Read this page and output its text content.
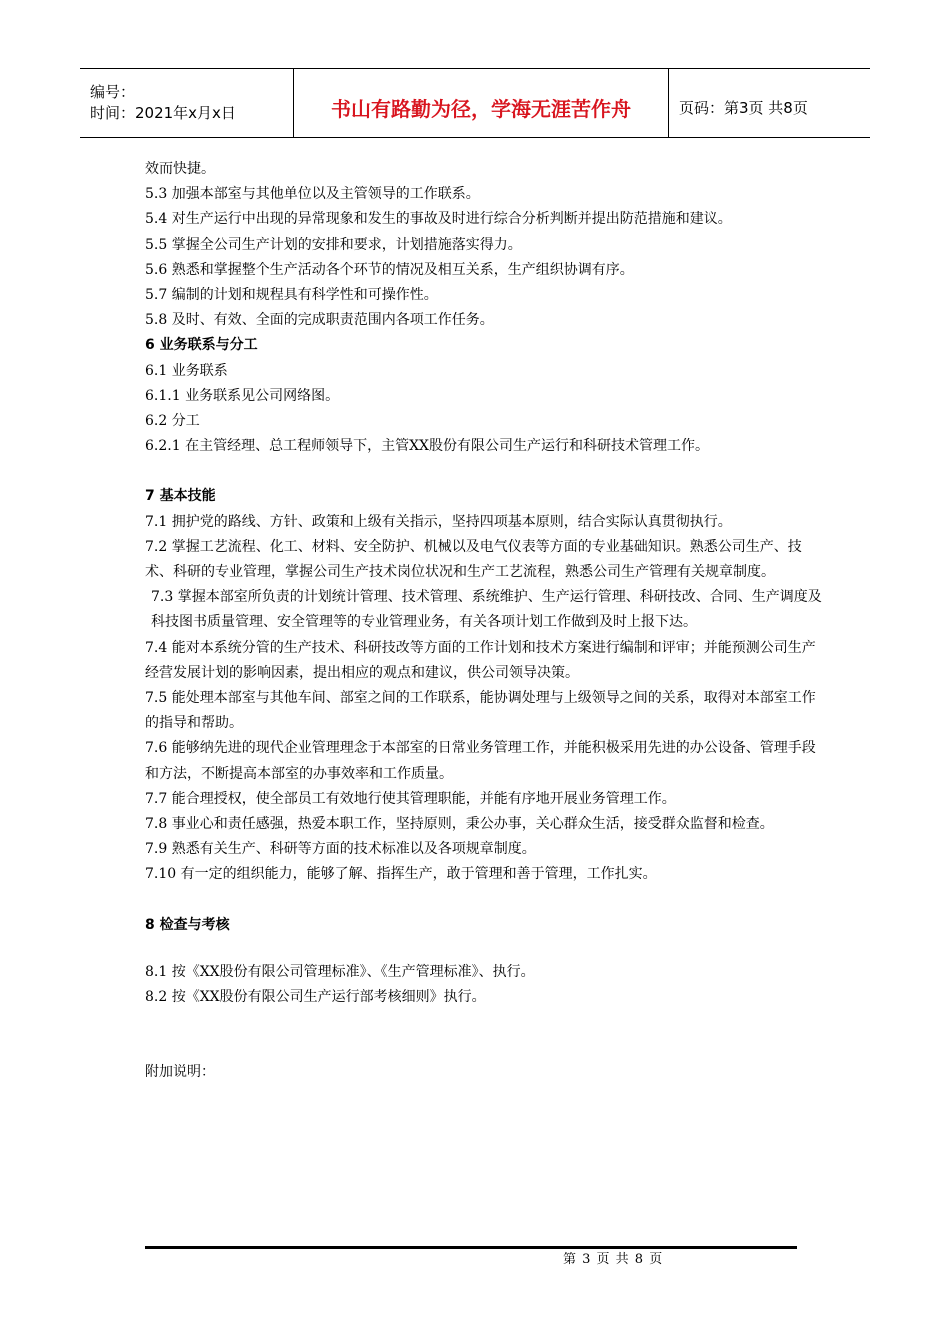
编号：
时间：2021年x月x日	书山有路勤为径，学海无涯苦作舟	页码：第3页 共8页

效而快捷。

5.3 加强本部室与其他单位以及主管领导的工作联系。

5.4 对生产运行中出现的异常现象和发生的事故及时进行综合分析判断并提出防范措施和建议。

5.5 掌握全公司生产计划的安排和要求，计划措施落实得力。

5.6 熟悉和掌握整个生产活动各个环节的情况及相互关系，生产组织协调有序。

5.7 编制的计划和规程具有科学性和可操作性。

5.8 及时、有效、全面的完成职责范围内各项工作任务。

6 业务联系与分工

6.1 业务联系

6.1.1 业务联系见公司网络图。

6.2 分工

6.2.1 在主管经理、总工程师领导下，主管XX股份有限公司生产运行和科研技术管理工作。

7 基本技能

7.1 拥护党的路线、方针、政策和上级有关指示，坚持四项基本原则，结合实际认真贯彻执行。

7.2 掌握工艺流程、化工、材料、安全防护、机械以及电气仪表等方面的专业基础知识。熟悉公司生产、技术、科研的专业管理，掌握公司生产技术岗位状况和生产工艺流程，熟悉公司生产管理有关规章制度。

7.3 掌握本部室所负责的计划统计管理、技术管理、系统维护、生产运行管理、科研技改、合同、生产调度及科技图书质量管理、安全管理等的专业管理业务，有关各项计划工作做到及时上报下达。

7.4 能对本系统分管的生产技术、科研技改等方面的工作计划和技术方案进行编制和评审；并能预测公司生产经营发展计划的影响因素，提出相应的观点和建议，供公司领导决策。

7.5 能处理本部室与其他车间、部室之间的工作联系，能协调处理与上级领导之间的关系，取得对本部室工作的指导和帮助。

7.6 能够纳先进的现代企业管理理念于本部室的日常业务管理工作，并能积极采用先进的办公设备、管理手段和方法，不断提高本部室的办事效率和工作质量。

7.7 能合理授权，使全部员工有效地行使其管理职能，并能有序地开展业务管理工作。

7.8 事业心和责任感强，热爱本职工作，坚持原则，秉公办事，关心群众生活，接受群众监督和检查。

7.9 熟悉有关生产、科研等方面的技术标准以及各项规章制度。

7.10 有一定的组织能力，能够了解、指挥生产，敢于管理和善于管理，工作扎实。

8 检查与考核

8.1 按《XX股份有限公司管理标准》、《生产管理标准》、执行。

8.2 按《XX股份有限公司生产运行部考核细则》执行。

附加说明：

第 3 页 共 8 页
